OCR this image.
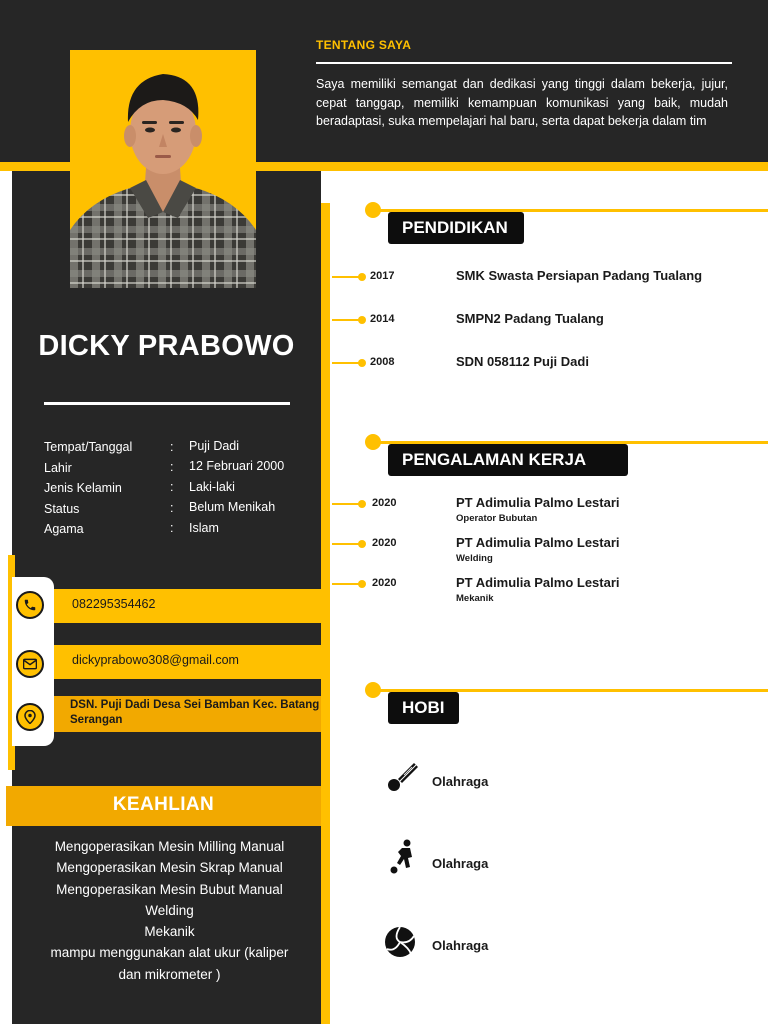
TENTANG SAYA
Saya memiliki semangat dan dedikasi yang tinggi dalam bekerja, jujur, cepat tanggap, memiliki kemampuan komunikasi yang baik, mudah beradaptasi, suka mempelajari hal baru, serta dapat bekerja dalam tim
DICKY PRABOWO
Tempat/Tanggal	:	Puji Dadi
Lahir	:	12 Februari 2000
Jenis Kelamin	:	Laki-laki
Status	:	Belum Menikah
Agama	:	Islam
082295354462
dickyprabowo308@gmail.com
DSN. Puji Dadi Desa Sei Bamban Kec. Batang Serangan
KEAHLIAN
Mengoperasikan Mesin Milling Manual
Mengoperasikan Mesin Skrap Manual
Mengoperasikan Mesin Bubut Manual
Welding
Mekanik
mampu menggunakan alat ukur (kaliper
dan mikrometer )
PENDIDIKAN
2017	SMK Swasta Persiapan Padang Tualang
2014	SMPN2 Padang Tualang
2008	SDN 058112 Puji Dadi
PENGALAMAN KERJA
2020	PT Adimulia Palmo Lestari
Operator Bubutan
2020	PT Adimulia Palmo Lestari
Welding
2020	PT Adimulia Palmo Lestari
Mekanik
HOBI
Olahraga
Olahraga
Olahraga
